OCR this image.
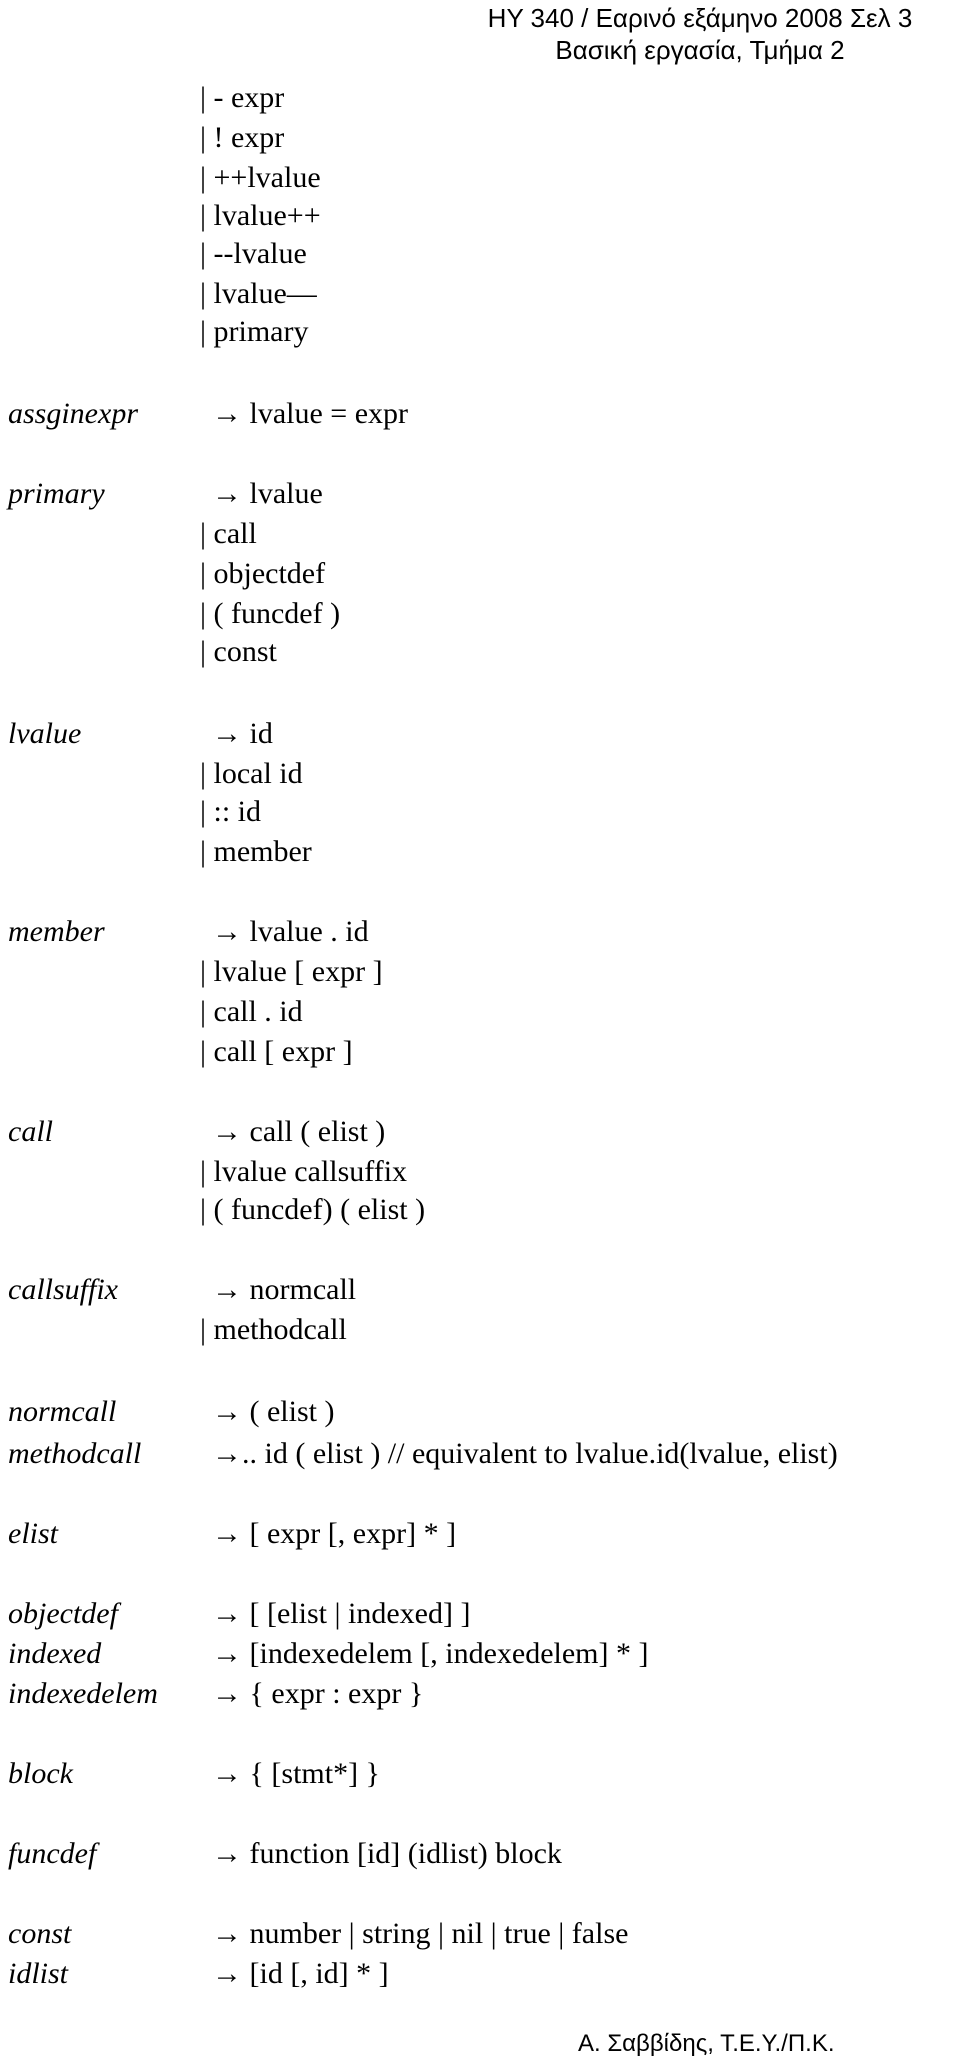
ΗΥ 340 / Εαρινό εξάμηνο 2008 Σελ 3
Βασική εργασία, Τμήμα 2
| - expr
| ! expr
| ++lvalue
| lvalue++
| --lvalue
| lvalue—
| primary
assginexpr → lvalue = expr
primary	→ lvalue
| call
| objectdef
| ( funcdef )
| const
lvalue	→ id
| local id
| :: id
| member
member	→ lvalue . id
| lvalue [ expr ]
| call . id
| call [ expr ]
call	→ call ( elist )
| lvalue callsuffix
| ( funcdef) ( elist )
callsuffix	→ normcall
| methodcall
normcall	→ ( elist )
methodcall →.. id ( elist ) // equivalent to lvalue.id(lvalue, elist)
elist	→ [ expr [, expr] * ]
objectdef	→ [ [elist | indexed] ]
indexed	→ [indexedelem [, indexedelem] * ]
indexedelem → { expr : expr }
block	→ { [stmt*] }
funcdef	→ function [id] (idlist) block
const	→ number | string | nil | true | false
idlist	→ [id [, id] * ]
Α. Σαββίδης, Τ.Ε.Υ./Π.Κ.
